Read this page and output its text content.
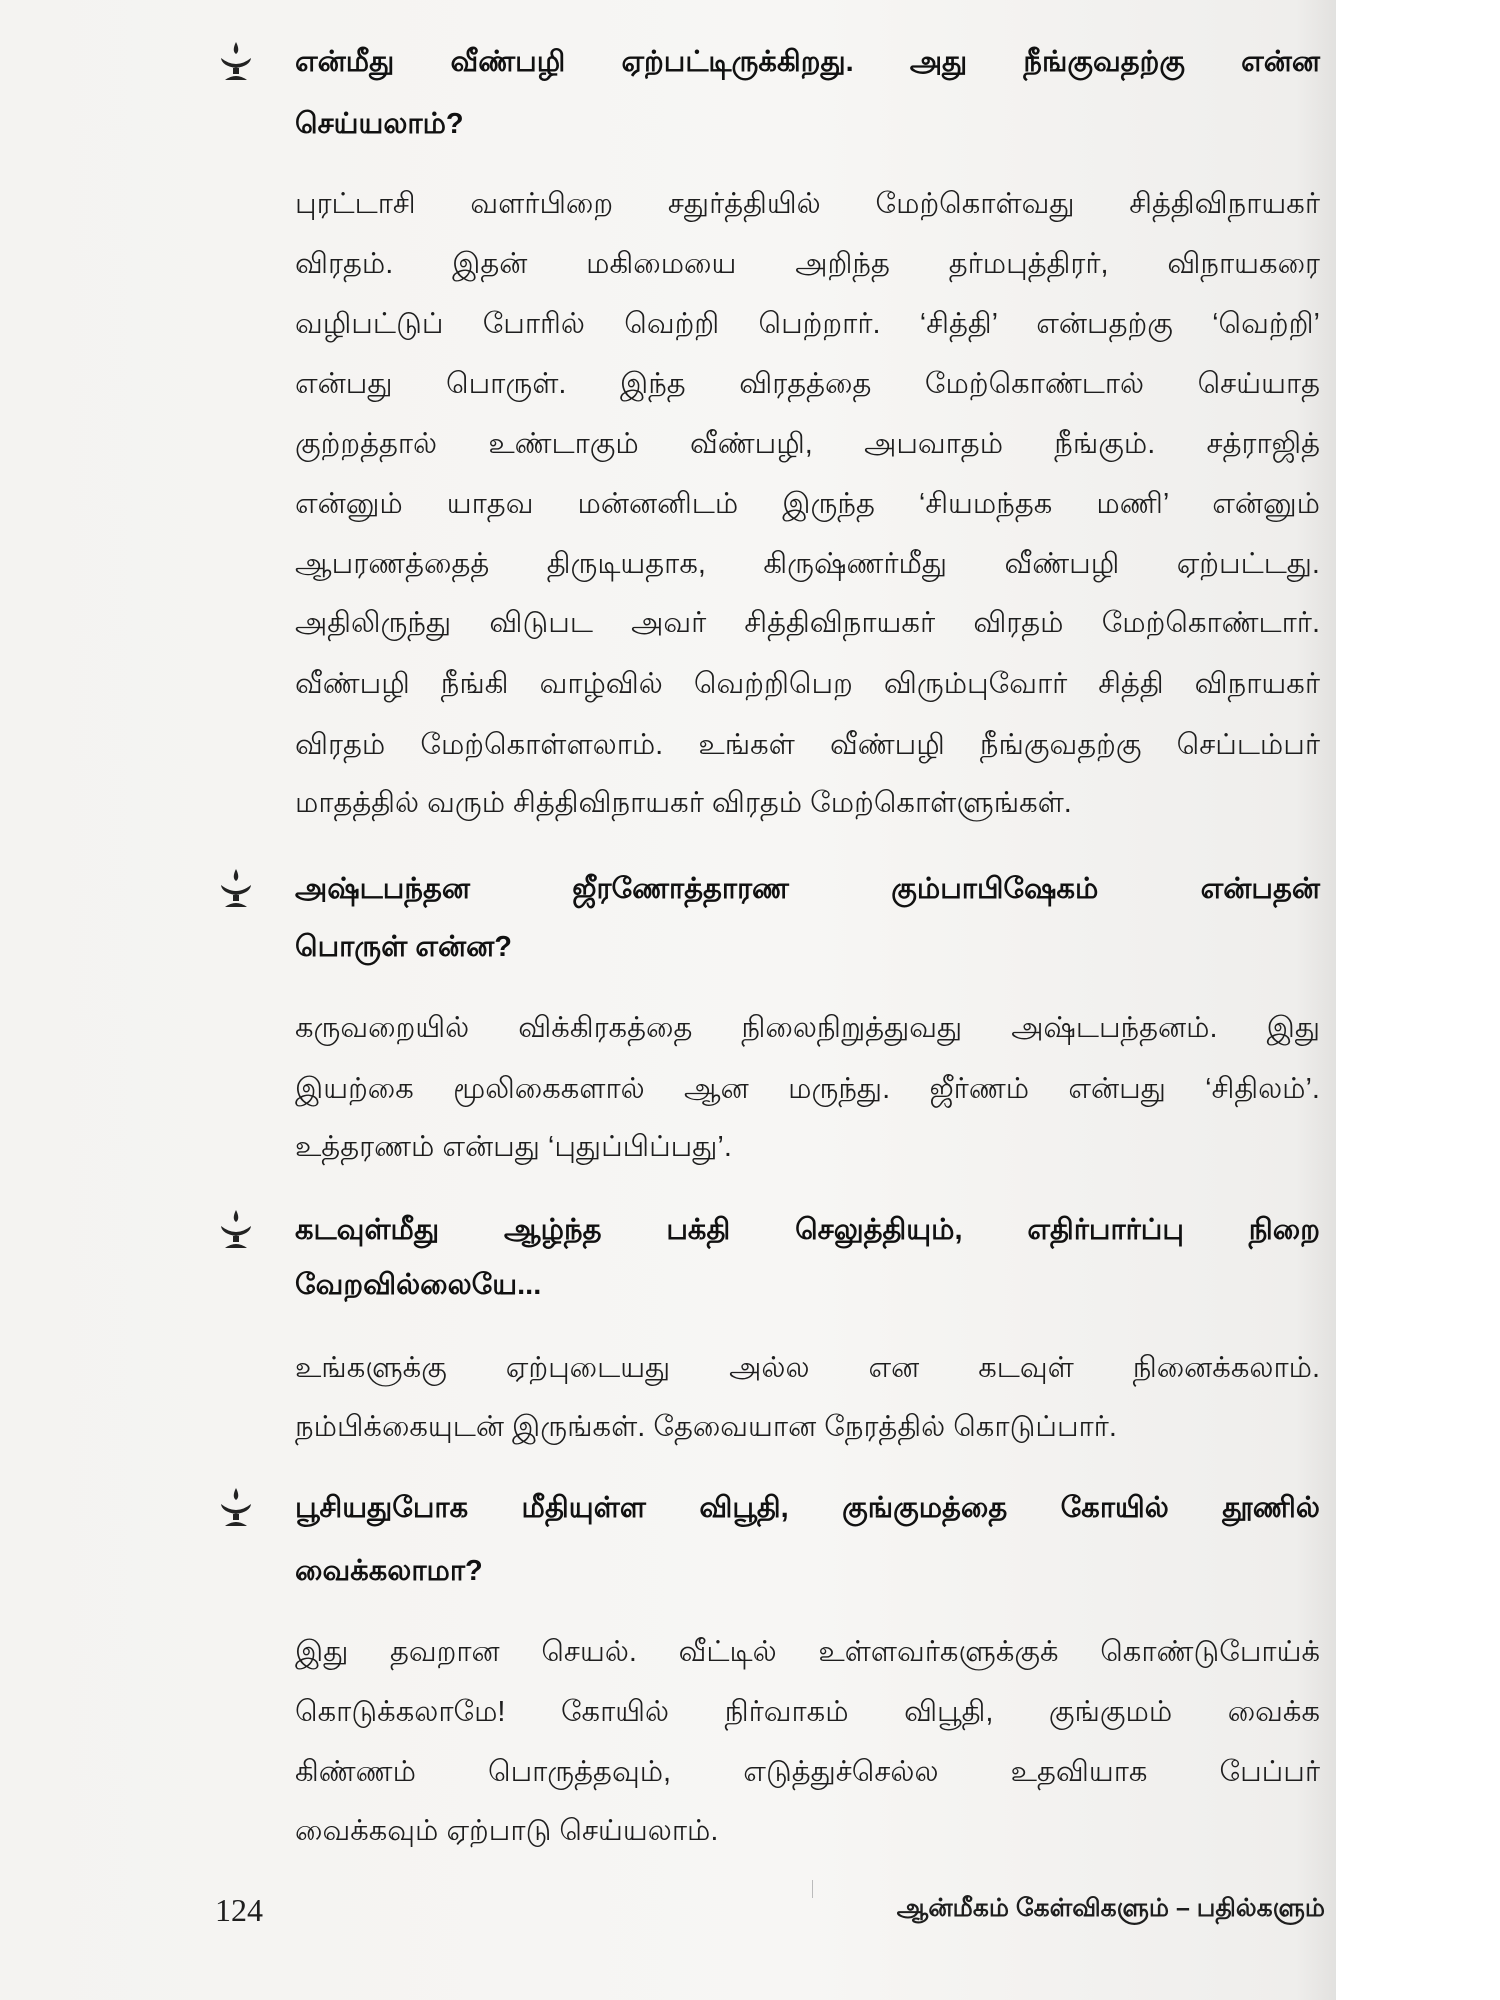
என்மீது வீண்பழி ஏற்பட்டிருக்கிறது. அது நீங்குவதற்கு என்ன
செய்யலாம்?
புரட்டாசி வளர்பிறை சதுர்த்தியில் மேற்கொள்வது சித்திவிநாயகர்
விரதம். இதன் மகிமையை அறிந்த தர்மபுத்திரர், விநாயகரை
வழிபட்டுப் போரில் வெற்றி பெற்றார். ‘சித்தி’ என்பதற்கு ‘வெற்றி’
என்பது பொருள். இந்த விரதத்தை மேற்கொண்டால் செய்யாத
குற்றத்தால் உண்டாகும் வீண்பழி, அபவாதம் நீங்கும். சத்ராஜித்
என்னும் யாதவ மன்னனிடம் இருந்த ‘சியமந்தக மணி’ என்னும்
ஆபரணத்தைத் திருடியதாக, கிருஷ்ணர்மீது வீண்பழி ஏற்பட்டது.
அதிலிருந்து விடுபட அவர் சித்திவிநாயகர் விரதம் மேற்கொண்டார்.
வீண்பழி நீங்கி வாழ்வில் வெற்றிபெற விரும்புவோர் சித்தி விநாயகர்
விரதம் மேற்கொள்ளலாம். உங்கள் வீண்பழி நீங்குவதற்கு செப்டம்பர்
மாதத்தில் வரும் சித்திவிநாயகர் விரதம் மேற்கொள்ளுங்கள்.
அஷ்டபந்தன ஜீரணோத்தாரண கும்பாபிஷேகம் என்பதன்
பொருள் என்ன?
கருவறையில் விக்கிரகத்தை நிலைநிறுத்துவது அஷ்டபந்தனம். இது
இயற்கை மூலிகைகளால் ஆன மருந்து. ஜீர்ணம் என்பது ‘சிதிலம்’.
உத்தரணம் என்பது ‘புதுப்பிப்பது’.
கடவுள்மீது ஆழ்ந்த பக்தி செலுத்தியும், எதிர்பார்ப்பு நிறை
வேறவில்லையே...
உங்களுக்கு ஏற்புடையது அல்ல என கடவுள் நினைக்கலாம்.
நம்பிக்கையுடன் இருங்கள். தேவையான நேரத்தில் கொடுப்பார்.
பூசியதுபோக மீதியுள்ள விபூதி, குங்குமத்தை கோயில் தூணில்
வைக்கலாமா?
இது தவறான செயல். வீட்டில் உள்ளவர்களுக்குக் கொண்டுபோய்க்
கொடுக்கலாமே! கோயில் நிர்வாகம் விபூதி, குங்குமம் வைக்க
கிண்ணம் பொருத்தவும், எடுத்துச்செல்ல உதவியாக பேப்பர்
வைக்கவும் ஏற்பாடு செய்யலாம்.
124	ஆன்மீகம் கேள்விகளும் – பதில்களும்
